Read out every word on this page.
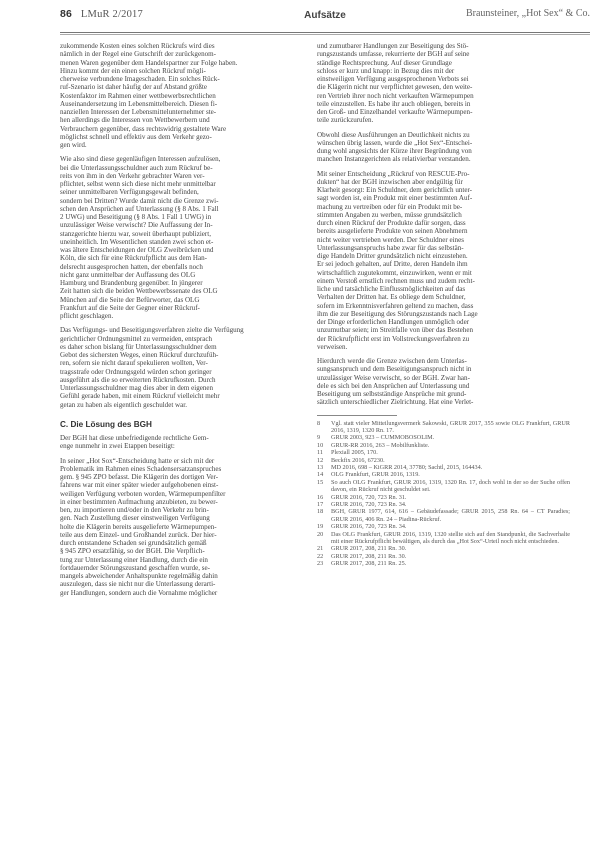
86 LMuR 2/2017	Aufsätze	Braunsteiner, „Hot Sex“ & Co.

zukommende Kosten eines solchen Rückrufs wird dies
nämlich in der Regel eine Gutschrift der zurückgenom-
menen Waren gegenüber dem Handelspartner zur Folge haben.
Hinzu kommt der ein einen solchen Rückruf mögli-
cherweise verbundene Imageschaden. Ein solches Rück-
ruf-Szenario ist daher häufig der auf Abstand größte
Kostenfaktor im Rahmen einer wettbewerbsrechtlichen
Auseinandersetzung im Lebensmittelbereich. Diesen fi-
nanziellen Interessen der Lebensmittelunternehmer ste-
hen allerdings die Interessen von Wettbewerbern und
Verbrauchern gegenüber, dass rechtswidrig gestaltete Ware
möglichst schnell und effektiv aus dem Verkehr gezo-
gen wird.

Wie also sind diese gegenläufigen Interessen aufzulösen,
bei die Unterlassungsschuldner auch zum Rückruf be-
reits von ihm in den Verkehr gebrachter Waren ver-
pflichtet, selbst wenn sich diese nicht mehr unmittelbar
seiner unmittelbaren Verfügungsgewalt befinden,
sondern bei Dritten? Wurde damit nicht die Grenze zwi-
schen den Ansprüchen auf Unterlassung (§ 8 Abs. 1 Fall
2 UWG) und Beseitigung (§ 8 Abs. 1 Fall 1 UWG) in
unzulässiger Weise verwischt? Die Auffassung der In-
stanzgerichte hierzu war, soweit überhaupt publiziert,
uneinheitlich. Im Wesentlichen standen zwei schon et-
was ältere Entscheidungen der OLG Zweibrücken und
Köln, die sich für eine Rückrufpflicht aus dem Han-
delsrecht ausgesprochen hatten, der ebenfalls noch
nicht ganz unmittelbar der Auffassung des OLG
Hamburg und Brandenburg gegenüber. In jüngerer
Zeit hatten sich die beiden Wettbewerbssenate des OLG
München auf die Seite der Befürworter, das OLG
Frankfurt auf die Seite der Gegner einer Rückruf-
pflicht geschlagen.

Das Verfügungs- und Beseitigungsverfahren zielte die Verfügung
gerichtlicher Ordnungsmittel zu vermeiden, entsprach
es daher schon bislang für Unterlassungsschuldner dem
Gebot des sichersten Weges, einen Rückruf durchzufüh-
ren, sofern sie nicht darauf spekulieren wollten, Ver-
tragsstrafe oder Ordnungsgeld würden schon geringer
ausgeführt als die so erweiterten Rückrufkosten. Durch
Unterlassungsschuldner mag dies aber in dem eigenen
Gefühl gerade haben, mit einem Rückruf vielleicht mehr
getan zu haben als eigentlich geschuldet war.

C. Die Lösung des BGH

Der BGH hat diese unbefriedigende rechtliche Gem-
enge nunmehr in zwei Etappen beseitigt:

In seiner „Hot Sox“-Entscheidung hatte er sich mit der
Problematik im Rahmen eines Schadensersatzanspruches
gem. § 945 ZPO befasst. Die Klägerin des dortigen Ver-
fahrens war mit einer später wieder aufgehobenen einst-
weiligen Verfügung verboten worden, Wärmepumpenfilter
in einer bestimmten Aufmachung anzubieten, zu bewer-
ben, zu importieren und/oder in den Verkehr zu brin-
gen. Nach Zustellung dieser einstweiligen Verfügung
holte die Klägerin bereits ausgelieferte Wärmepumpen-
teile aus dem Einzel- und Großhandel zurück. Der hier-
durch entstandene Schaden sei grundsätzlich gemäß
§ 945 ZPO ersatzfähig, so der BGH. Die Verpflich-
tung zur Unterlassung einer Handlung, durch die ein
fortdauernder Störungszustand geschaffen wurde, se-
mangels abweichender Anhaltspunkte regelmäßig dahin
auszulegen, dass sie nicht nur die Unterlassung derarti-
ger Handlungen, sondern auch die Vornahme möglicher

und zumutbarer Handlungen zur Beseitigung des Stö-
rungszustands umfasse, rekurrierte der BGH auf seine
ständige Rechtsprechung. Auf dieser Grundlage
schloss er kurz und knapp: in Bezug dies mit der
einstweiligen Verfügung ausgesprochenen Verbots sei
die Klägerin nicht nur verpflichtet gewesen, den weite-
ren Vertrieb ihrer noch nicht verkauften Wärmepumpen
teile einzustellen. Es habe ihr auch obliegen, bereits in
den Groß- und Einzelhandel verkaufte Wärmepumpen-
teile zurückzurufen.

Obwohl diese Ausführungen an Deutlichkeit nichts zu
wünschen übrig lassen, wurde die „Hot Sex“-Entschei-
dung wohl angesichts der Kürze ihrer Begründung von
manchen Instanzgerichten als relativierbar verstanden.

Mit seiner Entscheidung „Rückruf von RESCUE-Pro-
dukten“ hat der BGH inzwischen aber endgültig für
Klarheit gesorgt: Ein Schuldner, dem gerichtlich unter-
sagt worden ist, ein Produkt mit einer bestimmten Auf-
machung zu vertreiben oder für ein Produkt mit be-
stimmten Angaben zu werben, müsse grundsätzlich
durch einen Rückruf der Produkte dafür sorgen, dass
bereits ausgelieferte Produkte von seinen Abnehmern
nicht weiter vertrieben werden. Der Schuldner eines
Unterlassungsanspruchs habe zwar für das selbstän-
dige Handeln Dritter grundsätzlich nicht einzustehen.
Er sei jedoch gehalten, auf Dritte, deren Handeln ihm
wirtschaftlich zugutekommt, einzuwirken, wenn er mit
einem Verstoß ernstlich rechnen muss und zudem recht-
liche und tatsächliche Einflussmöglichkeiten auf das
Verhalten der Dritten hat. Es obliege dem Schuldner,
sofern im Erkenntnisverfahren geltend zu machen, dass
ihm die zur Beseitigung des Störungszustands nach Lage
der Dinge erforderlichen Handlungen unmöglich oder
unzumutbar seien; im Streitfalle von über das Bestehen
der Rückrufpflicht erst im Vollstreckungsverfahren zu
verweisen.

Hierdurch werde die Grenze zwischen dem Unterlas-
sungsanspruch und dem Beseitigungsanspruch nicht in
unzulässiger Weise verwischt, so der BGH. Zwar han-
dele es sich bei den Ansprüchen auf Unterlassung und
Beseitigung um selbstständige Ansprüche mit grund-
sätzlich unterschiedlicher Zielrichtung. Hat eine Verlet-

8	Vgl. statt vieler Mitteilungsvermerk Sakowski, GRUR 2017, 355 sowie OLG Frankfurt, GRUR 2016, 1319, 1320 Rn. 17.
9	GRUR 2003, 923 – CUMMOBOSOLIM.
10	GRUR-RR 2016, 263 – Mobilfunkliste.
11	Plexiall 2005, 170.
12	Beckfix 2016, 67230.
13	MD 2016, 698 – KiGRR 2014, 37780; Sachtl, 2015, 164434.
14	OLG Frankfurt, GRUR 2016, 1319.
15	So auch OLG Frankfurt, GRUR 2016, 1319, 1320 Rn. 17, doch wohl in der so der Suche offen davon, ein Rückruf nicht geschuldet sei.
16	GRUR 2016, 720, 723 Rn. 31.
17	GRUR 2016, 720, 723 Rn. 34.
18	BGH, GRUR 1977, 614, 616 – Gebäudefassade; GRUR 2015, 258 Rn. 64 – CT Paradies; GRUR 2016, 406 Rn. 24 – Piadina-Rückruf.
19	GRUR 2016, 720, 723 Rn. 34.
20	Das OLG Frankfurt, GRUR 2016, 1319, 1320 stellte sich auf den Standpunkt, die Sachverhalte mit einer Rückrufpflicht bewältigen, als durch das „Hot Sox“-Urteil noch nicht entschieden.
21	GRUR 2017, 208, 211 Rn. 30.
22	GRUR 2017, 208, 211 Rn. 30.
23	GRUR 2017, 208, 211 Rn. 25.
